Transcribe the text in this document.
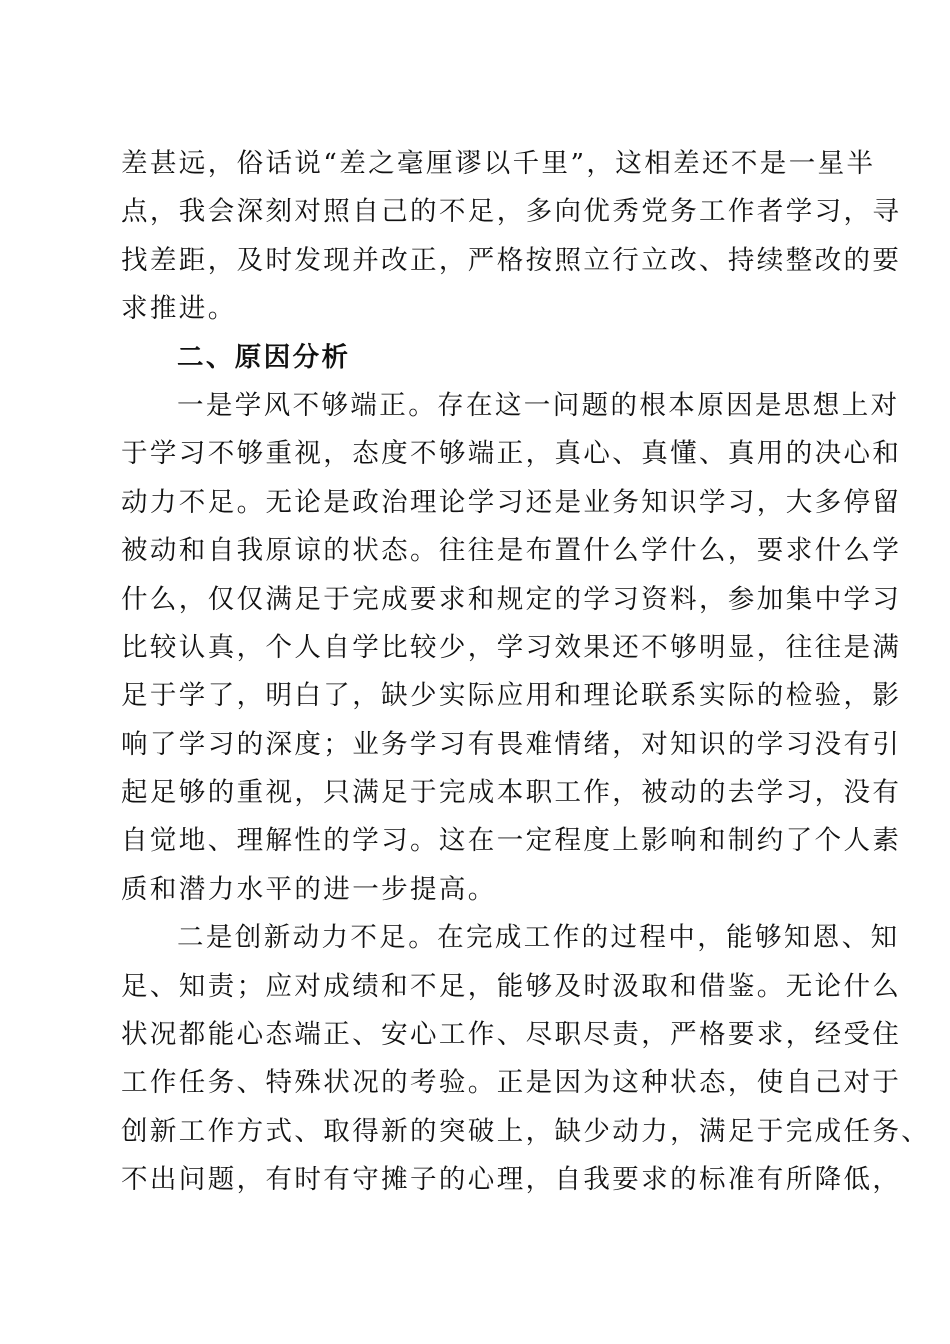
差甚远，俗话说“差之毫厘谬以千里”，这相差还不是一星半
点，我会深刻对照自己的不足，多向优秀党务工作者学习，寻
找差距，及时发现并改正，严格按照立行立改、持续整改的要
求推进。
二、原因分析
一是学风不够端正。存在这一问题的根本原因是思想上对
于学习不够重视，态度不够端正，真心、真懂、真用的决心和
动力不足。无论是政治理论学习还是业务知识学习，大多停留
被动和自我原谅的状态。往往是布置什么学什么，要求什么学
什么，仅仅满足于完成要求和规定的学习资料，参加集中学习
比较认真，个人自学比较少，学习效果还不够明显，往往是满
足于学了，明白了，缺少实际应用和理论联系实际的检验，影
响了学习的深度；业务学习有畏难情绪，对知识的学习没有引
起足够的重视，只满足于完成本职工作，被动的去学习，没有
自觉地、理解性的学习。这在一定程度上影响和制约了个人素
质和潜力水平的进一步提高。
二是创新动力不足。在完成工作的过程中，能够知恩、知
足、知责；应对成绩和不足，能够及时汲取和借鉴。无论什么
状况都能心态端正、安心工作、尽职尽责，严格要求，经受住
工作任务、特殊状况的考验。正是因为这种状态，使自己对于
创新工作方式、取得新的突破上，缺少动力，满足于完成任务、
不出问题，有时有守摊子的心理，自我要求的标准有所降低，
